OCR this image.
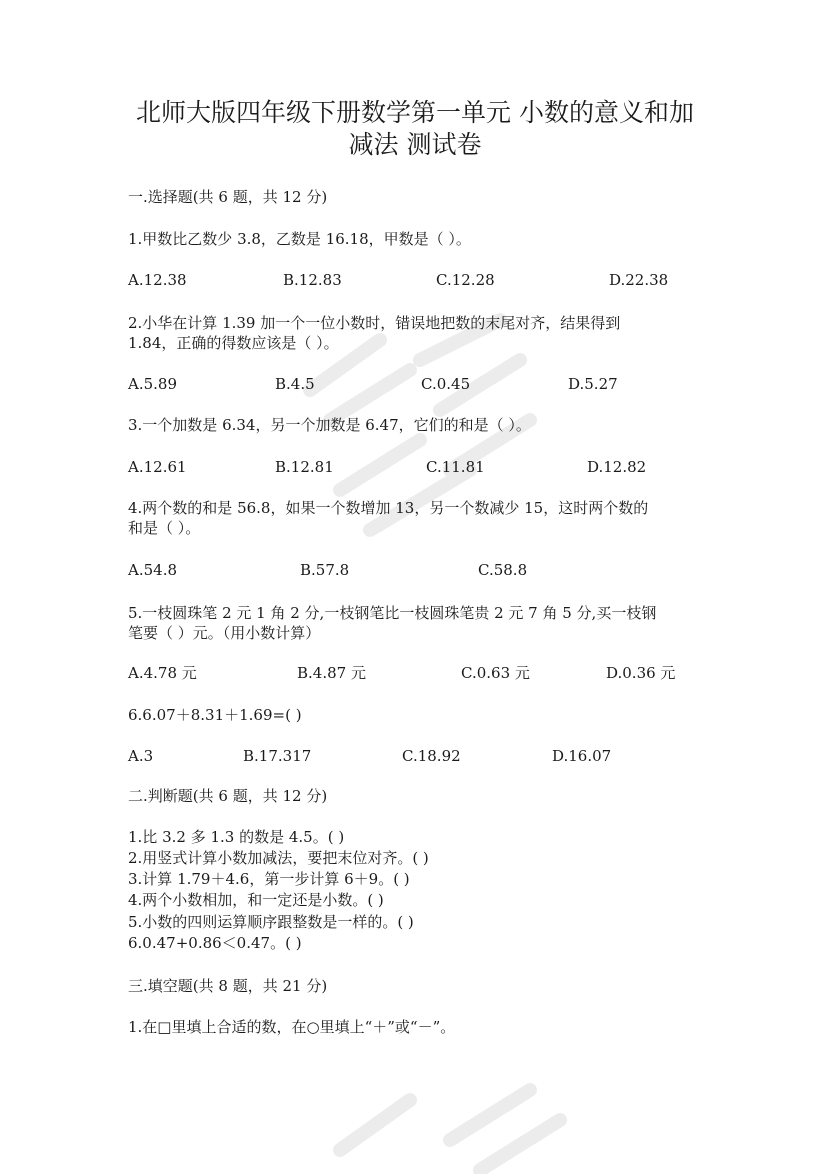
北师大版四年级下册数学第一单元 小数的意义和加
减法 测试卷
一.选择题(共 6 题，共 12 分)
1.甲数比乙数少 3.8，乙数是 16.18，甲数是（ ）。
A.12.38	B.12.83	C.12.28	D.22.38
2.小华在计算 1.39 加一个一位小数时，错误地把数的末尾对齐，结果得到
1.84，正确的得数应该是（ ）。
A.5.89	B.4.5	C.0.45	D.5.27
3.一个加数是 6.34，另一个加数是 6.47，它们的和是（ ）。
A.12.61	B.12.81	C.11.81	D.12.82
4.两个数的和是 56.8，如果一个数增加 13，另一个数减少 15，这时两个数的
和是（ ）。
A.54.8	B.57.8	C.58.8
5.一枝圆珠笔 2 元 1 角 2 分,一枝钢笔比一枝圆珠笔贵 2 元 7 角 5 分,买一枝钢
笔要（ ）元。（用小数计算）
A.4.78 元	B.4.87 元	C.0.63 元	D.0.36 元
6.6.07＋8.31＋1.69=( )
A.3	B.17.317	C.18.92	D.16.07
二.判断题(共 6 题，共 12 分)
1.比 3.2 多 1.3 的数是 4.5。( )
2.用竖式计算小数加减法，要把末位对齐。( )
3.计算 1.79＋4.6，第一步计算 6＋9。( )
4.两个小数相加，和一定还是小数。( )
5.小数的四则运算顺序跟整数是一样的。( )
6.0.47+0.86＜0.47。( )
三.填空题(共 8 题，共 21 分)
1.在□里填上合适的数，在○里填上“＋”或“－”。
